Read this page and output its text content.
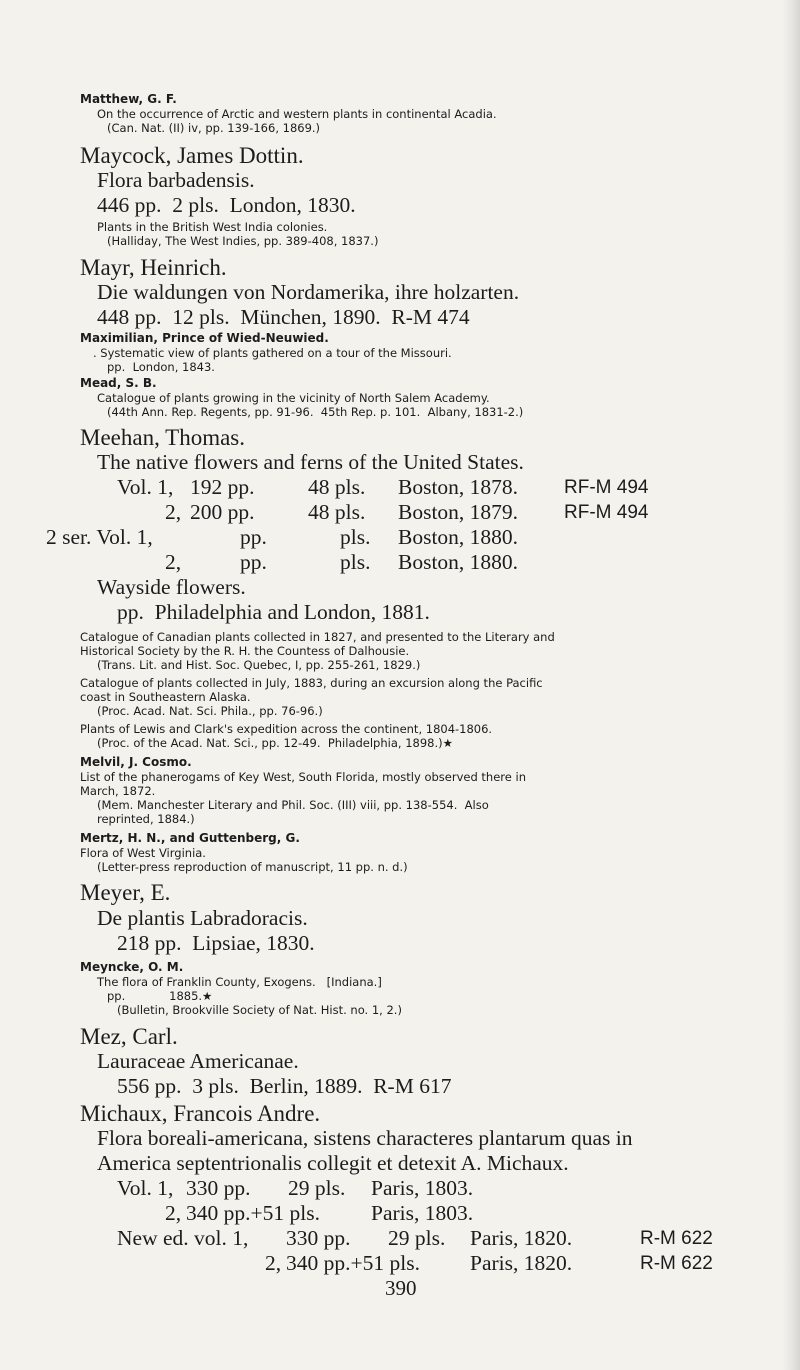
Matthew, G. F.
On the occurrence of Arctic and western plants in continental Acadia.
(Can. Nat. (II) iv, pp. 139-166, 1869.)
Maycock, James Dottin.
Flora barbadensis.
446 pp.  2 pls.  London, 1830.
Plants in the British West India colonies.
(Halliday, The West Indies, pp. 389-408, 1837.)
Mayr, Heinrich.
Die waldungen von Nordamerika, ihre holzarten.
448 pp.  12 pls.  München, 1890.  R-M 474
Maximilian, Prince of Wied-Neuwied.
. Systematic view of plants gathered on a tour of the Missouri.
pp.  London, 1843.
Mead, S. B.
Catalogue of plants growing in the vicinity of North Salem Academy.
(44th Ann. Rep. Regents, pp. 91-96.  45th Rep. p. 101.  Albany, 1831-2.)
Meehan, Thomas.
The native flowers and ferns of the United States.
Vol. 1, 192 pp. 48 pls. Boston, 1878. RF-M 494
2, 200 pp. 48 pls. Boston, 1879. RF-M 494
2 ser. Vol. 1,	pp.	pls. Boston, 1880.
2,	pp.	pls. Boston, 1880.
Wayside flowers.
pp.  Philadelphia and London, 1881.
Catalogue of Canadian plants collected in 1827, and presented to the Literary and
Historical Society by the R. H. the Countess of Dalhousie.
(Trans. Lit. and Hist. Soc. Quebec, I, pp. 255-261, 1829.)
Catalogue of plants collected in July, 1883, during an excursion along the Pacific
coast in Southeastern Alaska.
(Proc. Acad. Nat. Sci. Phila., pp. 76-96.)
Plants of Lewis and Clark's expedition across the continent, 1804-1806.
(Proc. of the Acad. Nat. Sci., pp. 12-49.  Philadelphia, 1898.)★
Melvil, J. Cosmo.
List of the phanerogams of Key West, South Florida, mostly observed there in
March, 1872.
(Mem. Manchester Literary and Phil. Soc. (III) viii, pp. 138-554.  Also
reprinted, 1884.)
Mertz, H. N., and Guttenberg, G.
Flora of West Virginia.
(Letter-press reproduction of manuscript, 11 pp. n. d.)
Meyer, E.
De plantis Labradoracis.
218 pp.  Lipsiae, 1830.
Meyncke, O. M.
The flora of Franklin County, Exogens.   [Indiana.]
pp.            1885.★
(Bulletin, Brookville Society of Nat. Hist. no. 1, 2.)
Mez, Carl.
Lauraceae Americanae.
556 pp.  3 pls.  Berlin, 1889.  R-M 617
Michaux, Francois Andre.
Flora boreali-americana, sistens characteres plantarum quas in
America septentrionalis collegit et detexit A. Michaux.
Vol. 1, 330 pp. 29 pls. Paris, 1803.
2, 340 pp.+51 pls. Paris, 1803.
New ed. vol. 1, 330 pp. 29 pls. Paris, 1820.	R-M 622
2, 340 pp.+51 pls. Paris, 1820.	R-M 622
390
